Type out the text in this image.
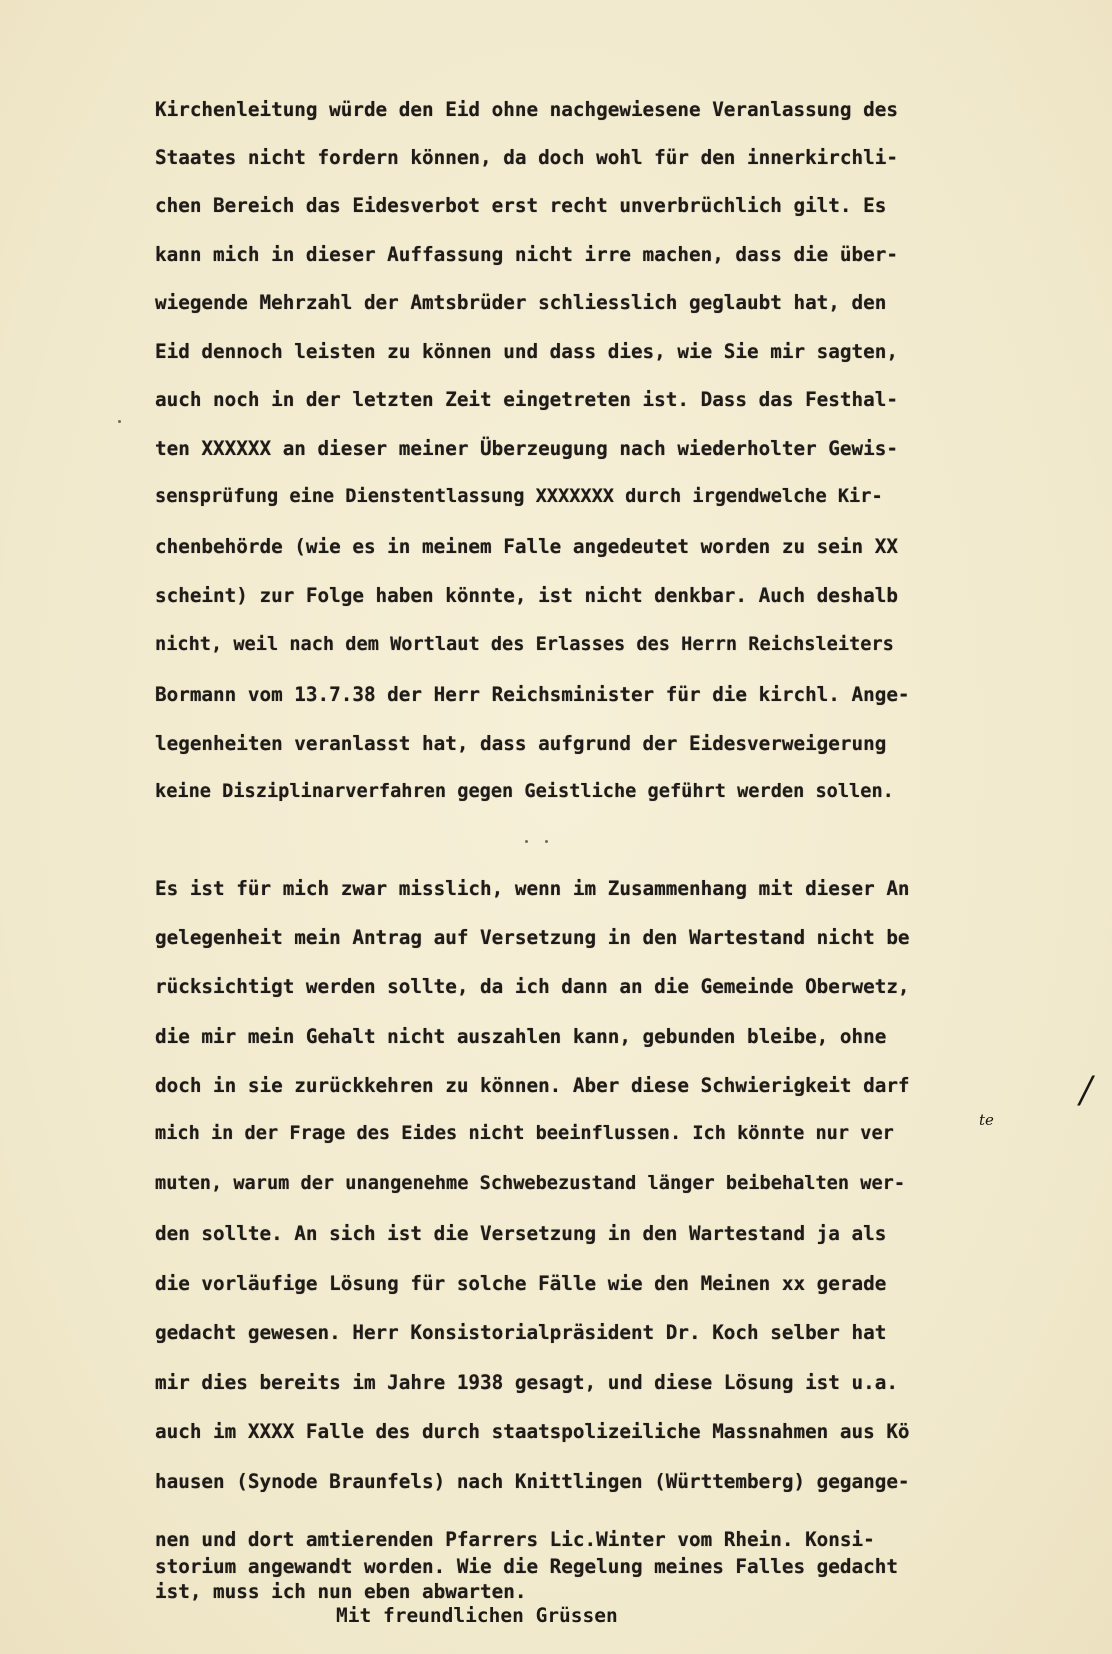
Kirchenleitung würde den Eid ohne nachgewiesene Veranlassung des
Staates nicht fordern können, da doch wohl für den innerkirchli-
chen Bereich das Eidesverbot erst recht unverbrüchlich gilt. Es
kann mich in dieser Auffassung nicht irre machen, dass die über-
wiegende Mehrzahl der Amtsbrüder schliesslich geglaubt hat, den
Eid dennoch leisten zu können und dass dies, wie Sie mir sagten,
auch noch in der letzten Zeit eingetreten ist. Dass das Festhal-
ten XXXXXX an dieser meiner Überzeugung nach wiederholter Gewis-
sensprüfung eine Dienstentlassung XXXXXXX durch irgendwelche Kir-
chenbehörde (wie es in meinem Falle angedeutet worden zu sein XX
scheint) zur Folge haben könnte, ist nicht denkbar. Auch deshalb
nicht, weil nach dem Wortlaut des Erlasses des Herrn Reichsleiters
Bormann vom 13.7.38 der Herr Reichsminister für die kirchl. Ange-
legenheiten veranlasst hat, dass aufgrund der Eidesverweigerung
keine Disziplinarverfahren gegen Geistliche geführt werden sollen.
Es ist für mich zwar misslich, wenn im Zusammenhang mit dieser An
gelegenheit mein Antrag auf Versetzung in den Wartestand nicht be
rücksichtigt werden sollte, da ich dann an die Gemeinde Oberwetz,
die mir mein Gehalt nicht auszahlen kann, gebunden bleibe, ohne
doch in sie zurückkehren zu können. Aber diese Schwierigkeit darf
mich in der Frage des Eides nicht beeinflussen. Ich könnte nur ver
muten, warum der unangenehme Schwebezustand länger beibehalten wer-
den sollte. An sich ist die Versetzung in den Wartestand ja als
die vorläufige Lösung für solche Fälle wie den Meinen xx gerade
gedacht gewesen. Herr Konsistorialpräsident Dr. Koch selber hat
mir dies bereits im Jahre 1938 gesagt, und diese Lösung ist u.a.
auch im XXXX Falle des durch staatspolizeiliche Massnahmen aus Kö
hausen (Synode Braunfels) nach Knittlingen (Württemberg) gegange-
nen und dort amtierenden Pfarrers Lic.Winter vom Rhein. Konsi-
storium angewandt worden. Wie die Regelung meines Falles gedacht
ist, muss ich nun eben abwarten.
Mit freundlichen Grüssen
te
/
